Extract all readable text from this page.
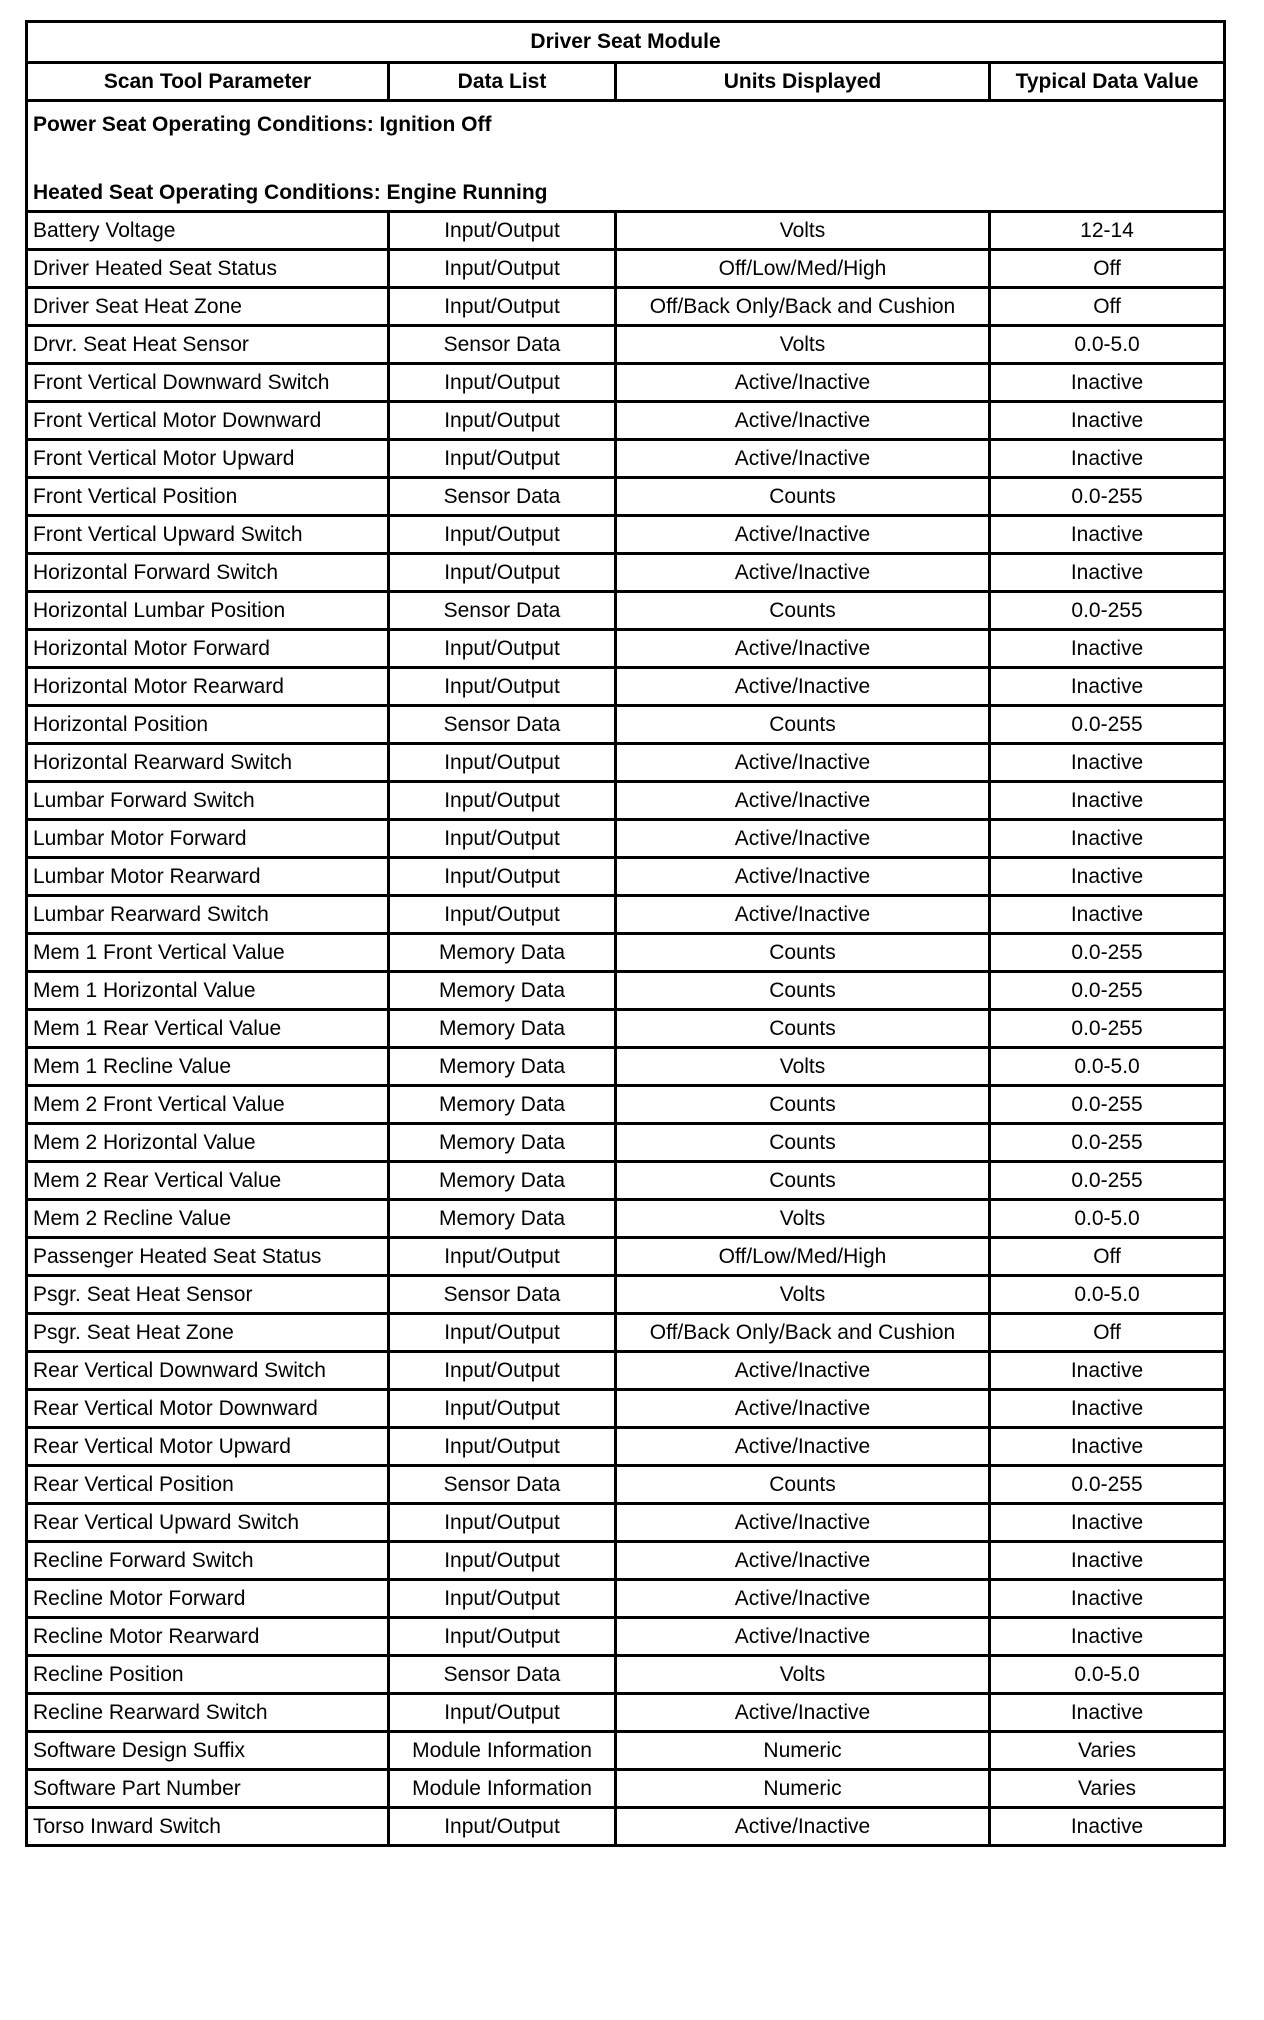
Driver Seat Module			
Scan Tool Parameter	Data List	Units Displayed	Typical Data Value

Power Seat Operating Conditions: Ignition Off
Heated Seat Operating Conditions: Engine Running			

Battery Voltage	Input/Output	Volts	12-14
Driver Heated Seat Status	Input/Output	Off/Low/Med/High	Off
Driver Seat Heat Zone	Input/Output	Off/Back Only/Back and Cushion	Off
Drvr. Seat Heat Sensor	Sensor Data	Volts	0.0-5.0
Front Vertical Downward Switch	Input/Output	Active/Inactive	Inactive
Front Vertical Motor Downward	Input/Output	Active/Inactive	Inactive
Front Vertical Motor Upward	Input/Output	Active/Inactive	Inactive
Front Vertical Position	Sensor Data	Counts	0.0-255
Front Vertical Upward Switch	Input/Output	Active/Inactive	Inactive
Horizontal Forward Switch	Input/Output	Active/Inactive	Inactive
Horizontal Lumbar Position	Sensor Data	Counts	0.0-255
Horizontal Motor Forward	Input/Output	Active/Inactive	Inactive
Horizontal Motor Rearward	Input/Output	Active/Inactive	Inactive
Horizontal Position	Sensor Data	Counts	0.0-255
Horizontal Rearward Switch	Input/Output	Active/Inactive	Inactive
Lumbar Forward Switch	Input/Output	Active/Inactive	Inactive
Lumbar Motor Forward	Input/Output	Active/Inactive	Inactive
Lumbar Motor Rearward	Input/Output	Active/Inactive	Inactive
Lumbar Rearward Switch	Input/Output	Active/Inactive	Inactive
Mem 1 Front Vertical Value	Memory Data	Counts	0.0-255
Mem 1 Horizontal Value	Memory Data	Counts	0.0-255
Mem 1 Rear Vertical Value	Memory Data	Counts	0.0-255
Mem 1 Recline Value	Memory Data	Volts	0.0-5.0
Mem 2 Front Vertical Value	Memory Data	Counts	0.0-255
Mem 2 Horizontal Value	Memory Data	Counts	0.0-255
Mem 2 Rear Vertical Value	Memory Data	Counts	0.0-255
Mem 2 Recline Value	Memory Data	Volts	0.0-5.0
Passenger Heated Seat Status	Input/Output	Off/Low/Med/High	Off
Psgr. Seat Heat Sensor	Sensor Data	Volts	0.0-5.0
Psgr. Seat Heat Zone	Input/Output	Off/Back Only/Back and Cushion	Off
Rear Vertical Downward Switch	Input/Output	Active/Inactive	Inactive
Rear Vertical Motor Downward	Input/Output	Active/Inactive	Inactive
Rear Vertical Motor Upward	Input/Output	Active/Inactive	Inactive
Rear Vertical Position	Sensor Data	Counts	0.0-255
Rear Vertical Upward Switch	Input/Output	Active/Inactive	Inactive
Recline Forward Switch	Input/Output	Active/Inactive	Inactive
Recline Motor Forward	Input/Output	Active/Inactive	Inactive
Recline Motor Rearward	Input/Output	Active/Inactive	Inactive
Recline Position	Sensor Data	Volts	0.0-5.0
Recline Rearward Switch	Input/Output	Active/Inactive	Inactive
Software Design Suffix	Module Information	Numeric	Varies
Software Part Number	Module Information	Numeric	Varies
Torso Inward Switch	Input/Output	Active/Inactive	Inactive
